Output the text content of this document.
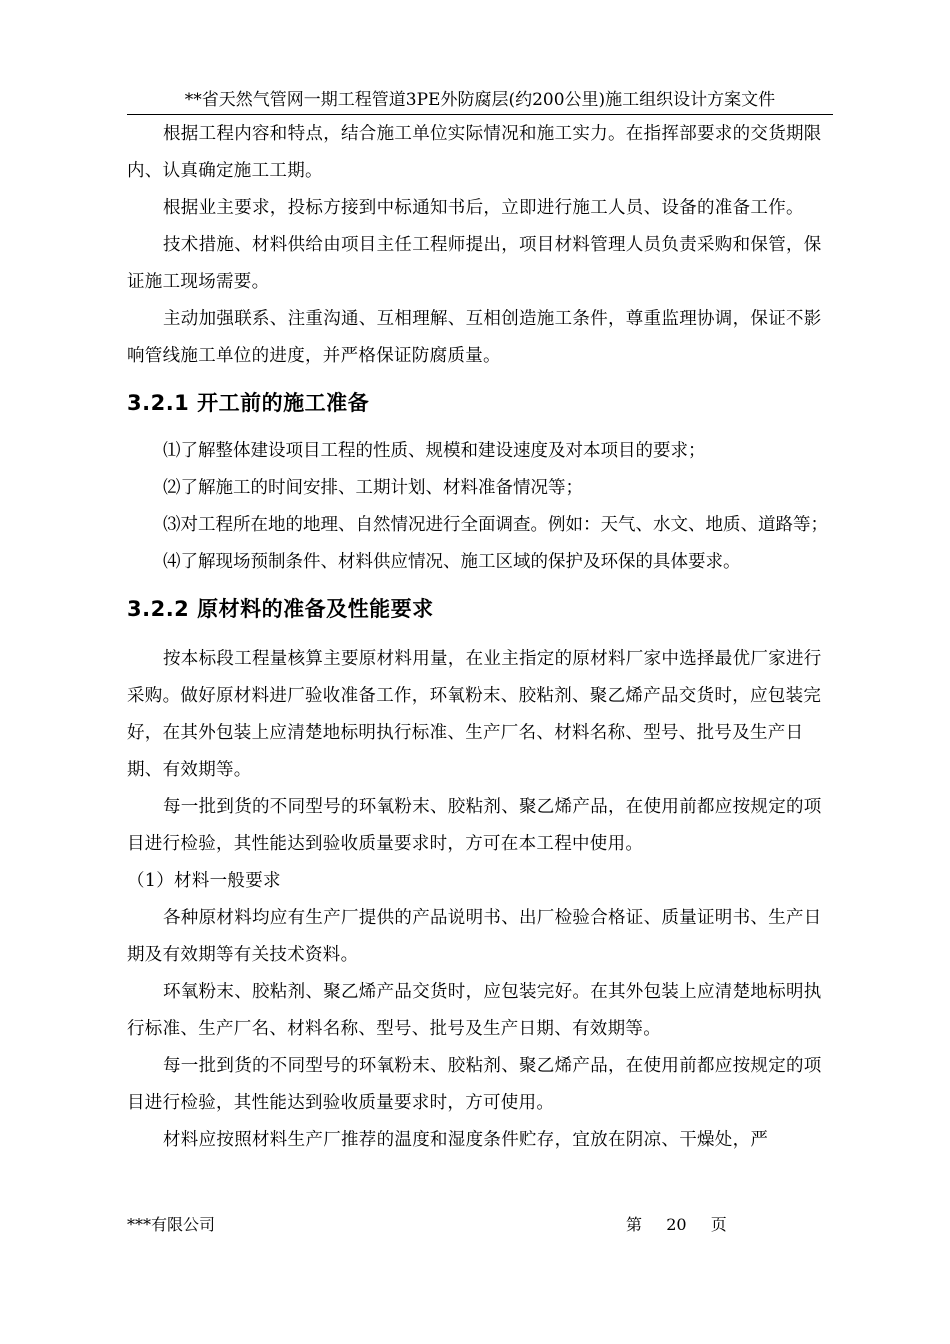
**省天然气管网一期工程管道3PE外防腐层(约200公里)施工组织设计方案文件

根据工程内容和特点，结合施工单位实际情况和施工实力。在指挥部要求的交货期限内、认真确定施工工期。

根据业主要求，投标方接到中标通知书后，立即进行施工人员、设备的准备工作。

技术措施、材料供给由项目主任工程师提出，项目材料管理人员负责采购和保管，保证施工现场需要。

主动加强联系、注重沟通、互相理解、互相创造施工条件，尊重监理协调，保证不影响管线施工单位的进度，并严格保证防腐质量。

3.2.1 开工前的施工准备

⑴了解整体建设项目工程的性质、规模和建设速度及对本项目的要求；

⑵了解施工的时间安排、工期计划、材料准备情况等；

⑶对工程所在地的地理、自然情况进行全面调查。例如：天气、水文、地质、道路等；

⑷了解现场预制条件、材料供应情况、施工区域的保护及环保的具体要求。

3.2.2 原材料的准备及性能要求

按本标段工程量核算主要原材料用量，在业主指定的原材料厂家中选择最优厂家进行采购。做好原材料进厂验收准备工作，环氧粉末、胶粘剂、聚乙烯产品交货时，应包装完好，在其外包装上应清楚地标明执行标准、生产厂名、材料名称、型号、批号及生产日期、有效期等。

每一批到货的不同型号的环氧粉末、胶粘剂、聚乙烯产品，在使用前都应按规定的项目进行检验，其性能达到验收质量要求时，方可在本工程中使用。

（1）材料一般要求

各种原材料均应有生产厂提供的产品说明书、出厂检验合格证、质量证明书、生产日期及有效期等有关技术资料。

环氧粉末、胶粘剂、聚乙烯产品交货时，应包装完好。在其外包装上应清楚地标明执行标准、生产厂名、材料名称、型号、批号及生产日期、有效期等。

每一批到货的不同型号的环氧粉末、胶粘剂、聚乙烯产品，在使用前都应按规定的项目进行检验，其性能达到验收质量要求时，方可使用。

材料应按照材料生产厂推荐的温度和湿度条件贮存，宜放在阴凉、干燥处，严

***有限公司	第 20 页
